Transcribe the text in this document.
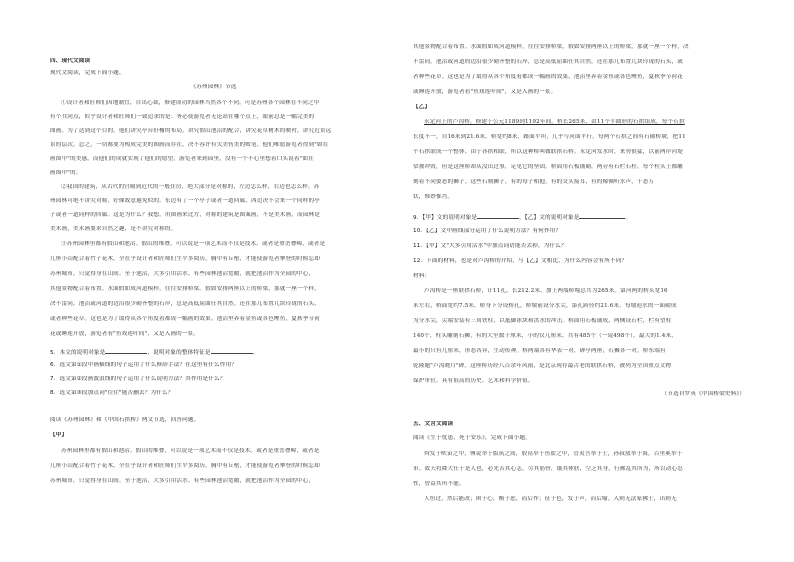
四、现代文阅读
现代文阅读，完成下面小题。
《苏州园林》节选
①设计者和匠师们因地制宜，自出心裁，修建成功的园林当然各个不同。可是苏州各个园林在不同之中
有个共同点，似乎设计者和匠师们一致追求的是：务必使游览者无论站在哪个点上，眼前总是一幅完美的
图画。为了达到这个目的，他们讲究亭台轩榭的布局，讲究假山池沼的配合，讲究花草树木的映衬，讲究近景远
景的层次。总之，一切都要为构成完美的图画而存在，决不容许有欠美伤美的败笔。他们唯愿游览者得到"如在
画图中"的美感，而他们的成就实现了他们的愿望，游览者来到园里，没有一个不心里想着口头说着"如在
画图中"的。
②我国的建筑，从古代的宫殿到近代的一般住房，绝大部分是对称的，左边怎么样，右边也怎么样。苏
州园林可绝不讲究对称，好像故意避免似的。东边有了一个亭子或者一道回廊，西边决不会来一个同样的亭
子或者一道同样的回廊。这是为什么？我想，用图画来比方，对称的建筑是图案画，不是美术画，而园林是
美术画，美术画要求自然之趣，是不讲究对称的。
③苏州园林里都有假山和池沼。假山的堆叠，可以说是一项艺术而不仅是技术。或者是重峦叠嶂，或者是
几座小山配合着竹子花木，全在乎设计者和匠师们生平多阅历，胸中有丘壑，才能使游览者攀登的时候忘却
苏州城市，只觉得身在山间。至于池沼，大多引用活水。有些园林池沼宽敞，就把池沼作为全园的中心，
其他景物配合着布置。水面假如成河道模样，往往安排桥梁。假如安排两座以上的桥梁，那就一座一个样，
决不雷同。池沼或河道的边沿很少砌齐整的石岸，总是高低屈曲任其自然。还在那儿布置几块玲珑的石头，
或者种些花草。这也是为了取得从各个角度看都成一幅画的效果。池沼里养着金鱼或各色鲤鱼，夏秋季节荷
花或睡莲开放，游览者看"鱼戏莲叶间"，又是入画的一景。
5．本文的说明对象是	，说明对象的整体特征是	。
6．选文第①段中画横线的句子运用了什么修辞手法？在这里有什么作用？
7．选文第②段画波浪线的句子运用了什么说明方法？其作用是什么？
8．选文第③段加点词"往往"能否删去？为什么？
阅读《苏州园林》和《中国石拱桥》两文节选，回答问题。
【甲】
苏州园林里都有假山和池沼。假山的堆叠，可以说是一项艺术而不仅是技术。或者是重峦叠嶂，或者是
几座小山配合着竹子花木，全在乎设计者和匠师们生平多阅历，胸中有丘壑，才能使游览者攀登的时候忘却
苏州城市，只觉得身在山间。至于池沼，大多引用活水。有些园林池沼宽敞，就把池沼作为全园的中心，
其他景物配合着布置。水面假如成河道模样，往往安排桥梁。假如安排两座以上的桥梁，那就一座一个样，决
不雷同。池沼或河道的边沿很少砌齐整的石岸，总是高低屈曲任其自然。还在那儿布置几块玲珑的石头，或
者种些花草。这也是为了取得从各个角度看都成一幅画的效果。池沼里养着金鱼或各色鲤鱼，夏秋季节荷花
或睡莲开放，游览者看"鱼戏莲叶间"，又是入画的一景。
【乙】
永定河上的卢沟桥，修建于公元1189到1192年间。桥长265米，由11个半圆形的石拱组成，每个石拱
长度不一，自16米到21.6米。桥宽约8米，路面平坦，几乎与河面平行。每两个石拱之间有石砌桥墩，把11
个石拱联成一个整体。由于各拱相联，所以这种桥叫做联拱石桥。永定河发水时，来势很猛，以前两岸河堤
常被冲毁，但是这座桥却从没出过事，足见它的坚固。桥面用石板铺砌，两旁有石栏石柱。每个柱头上都雕
刻着不同姿态的狮子。这些石刻狮子，有的母子相抱，有的交头接耳，有的像倾听水声，千态万
状，惟妙惟肖。
9．【甲】文的说明对象是	，【乙】文的说明对象是	。
10．【乙】文中画线部分运用了什么说明方法？有何作用？
11．【甲】文"大多引用活水"中加点词语能否去掉，为什么？
12．下面的材料，也是对卢沟桥的介绍，与【乙】文相比，为什么内容会有所不同？
材料：
卢沟桥是一座联拱石桥，计11孔，长212.2米，加上两端桥堍总共为265米。第河两的桥头宽16
米左右，桥面宽约7.5米，桥身下分设桥孔，桥墩前设分水尖，第孔跨径约21.6米。每墩迎水的一面砌成
为分水尖，尖端安装有三角铁柱，以抵御冰块和洪水的冲击。桥面用石板铺成，两侧设石栏，栏有望柱
140个，柱头雕刻石狮，有的大至数十厘米，小的仅几厘米，共有485个（一说498个），最大的1.4米，
最小的只有几厘米，形态各异，生动传神。桥两端各有华表一对，碑亭两座，石狮各一对，桥东端有
乾隆题"卢沟晓月"碑。这座桥历经八百余年风雨，是北京现存最古老的联拱石桥，被列为全国重点文物
保护单位，具有很高的历史、艺术和科学价值。
（节选自罗英《中国桥梁史料》）
五、文言文阅读
阅读《生于忧患，死于安乐》，完成下面小题。
舜发于畎亩之中，傅说举于版筑之间，胶鬲举于鱼盐之中，管夷吾举于士，孙叔敖举于海，百里奚举于
市。故天将降大任于是人也，必先苦其心志，劳其筋骨，饿其体肤，空乏其身，行拂乱其所为，所以动心忍
性，曾益其所不能。
人恒过，然后能改；困于心，衡于虑，而后作；征于色，发于声，而后喻。入则无法家拂士，出则无
